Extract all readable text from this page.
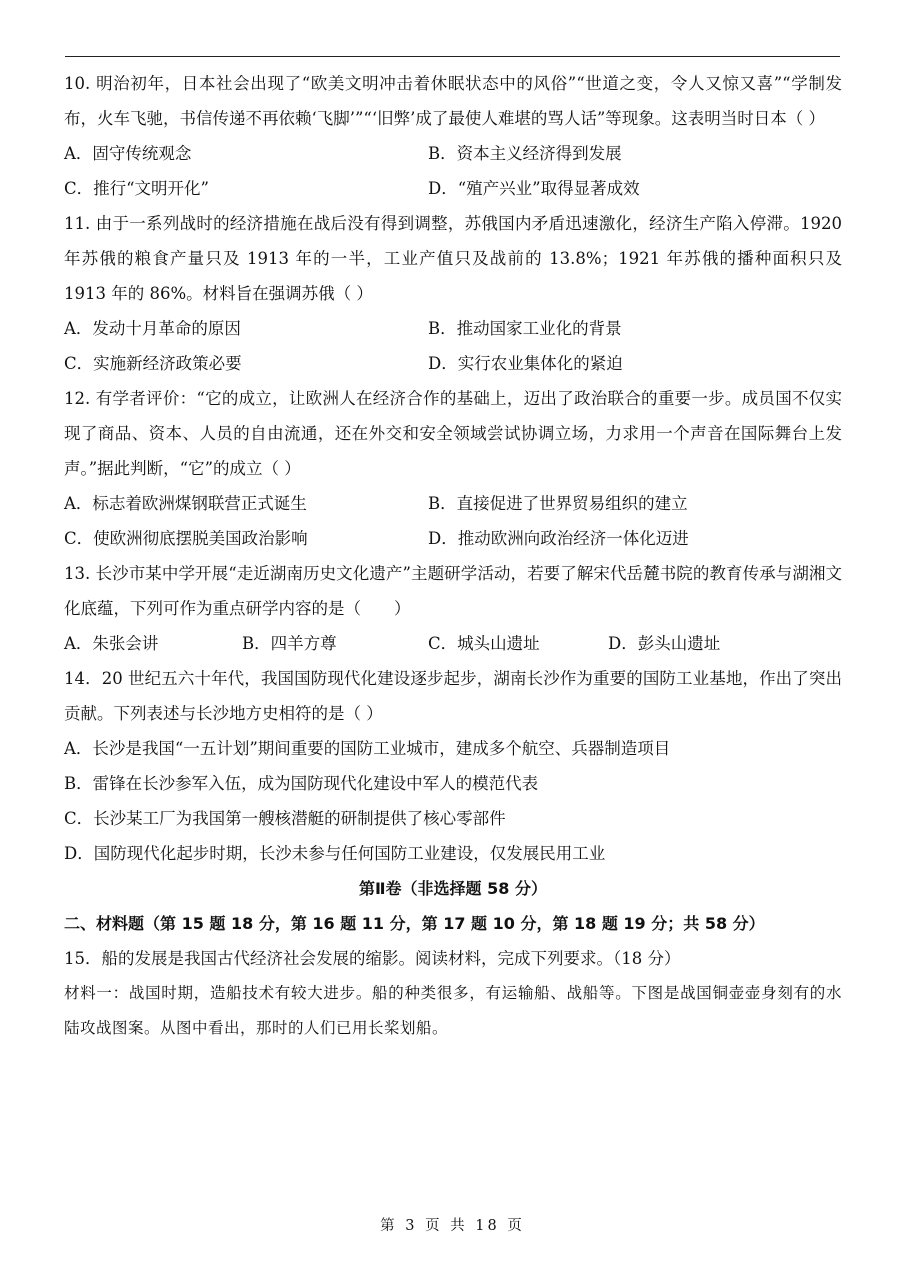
10. 明治初年，日本社会出现了“欧美文明冲击着休眠状态中的风俗”“世道之变，令人又惊又喜”“学制发布，火车飞驰，书信传递不再依赖‘飞脚’”“‘旧弊’成了最使人难堪的骂人话”等现象。这表明当时日本（ ）

A．固守传统观念	B．资本主义经济得到发展
C．推行“文明开化”	D．“殖产兴业”取得显著成效

11. 由于一系列战时的经济措施在战后没有得到调整，苏俄国内矛盾迅速激化，经济生产陷入停滞。1920 年苏俄的粮食产量只及 1913 年的一半，工业产值只及战前的 13.8%；1921 年苏俄的播种面积只及 1913 年的 86%。材料旨在强调苏俄（ ）

A．发动十月革命的原因	B．推动国家工业化的背景
C．实施新经济政策必要	D．实行农业集体化的紧迫

12. 有学者评价：“它的成立，让欧洲人在经济合作的基础上，迈出了政治联合的重要一步。成员国不仅实现了商品、资本、人员的自由流通，还在外交和安全领域尝试协调立场，力求用一个声音在国际舞台上发声。”据此判断，“它”的成立（ ）

A．标志着欧洲煤钢联营正式诞生	B．直接促进了世界贸易组织的建立
C．使欧洲彻底摆脱美国政治影响	D．推动欧洲向政治经济一体化迈进

13. 长沙市某中学开展“走近湖南历史文化遗产”主题研学活动，若要了解宋代岳麓书院的教育传承与湖湘文化底蕴，下列可作为重点研学内容的是（　　）

A．朱张会讲	B．四羊方尊	C．城头山遗址	D．彭头山遗址

14．20 世纪五六十年代，我国国防现代化建设逐步起步，湖南长沙作为重要的国防工业基地，作出了突出贡献。下列表述与长沙地方史相符的是（ ）

A．长沙是我国“一五计划”期间重要的国防工业城市，建成多个航空、兵器制造项目

B．雷锋在长沙参军入伍，成为国防现代化建设中军人的模范代表

C．长沙某工厂为我国第一艘核潜艇的研制提供了核心零部件

D．国防现代化起步时期，长沙未参与任何国防工业建设，仅发展民用工业

第Ⅱ卷（非选择题 58 分）

二、材料题（第 15 题 18 分，第 16 题 11 分，第 17 题 10 分，第 18 题 19 分；共 58 分）

15．船的发展是我国古代经济社会发展的缩影。阅读材料，完成下列要求。（18 分）

材料一：战国时期，造船技术有较大进步。船的种类很多，有运输船、战船等。下图是战国铜壶壶身刻有的水陆攻战图案。从图中看出，那时的人们已用长桨划船。

第 3 页 共 18 页
